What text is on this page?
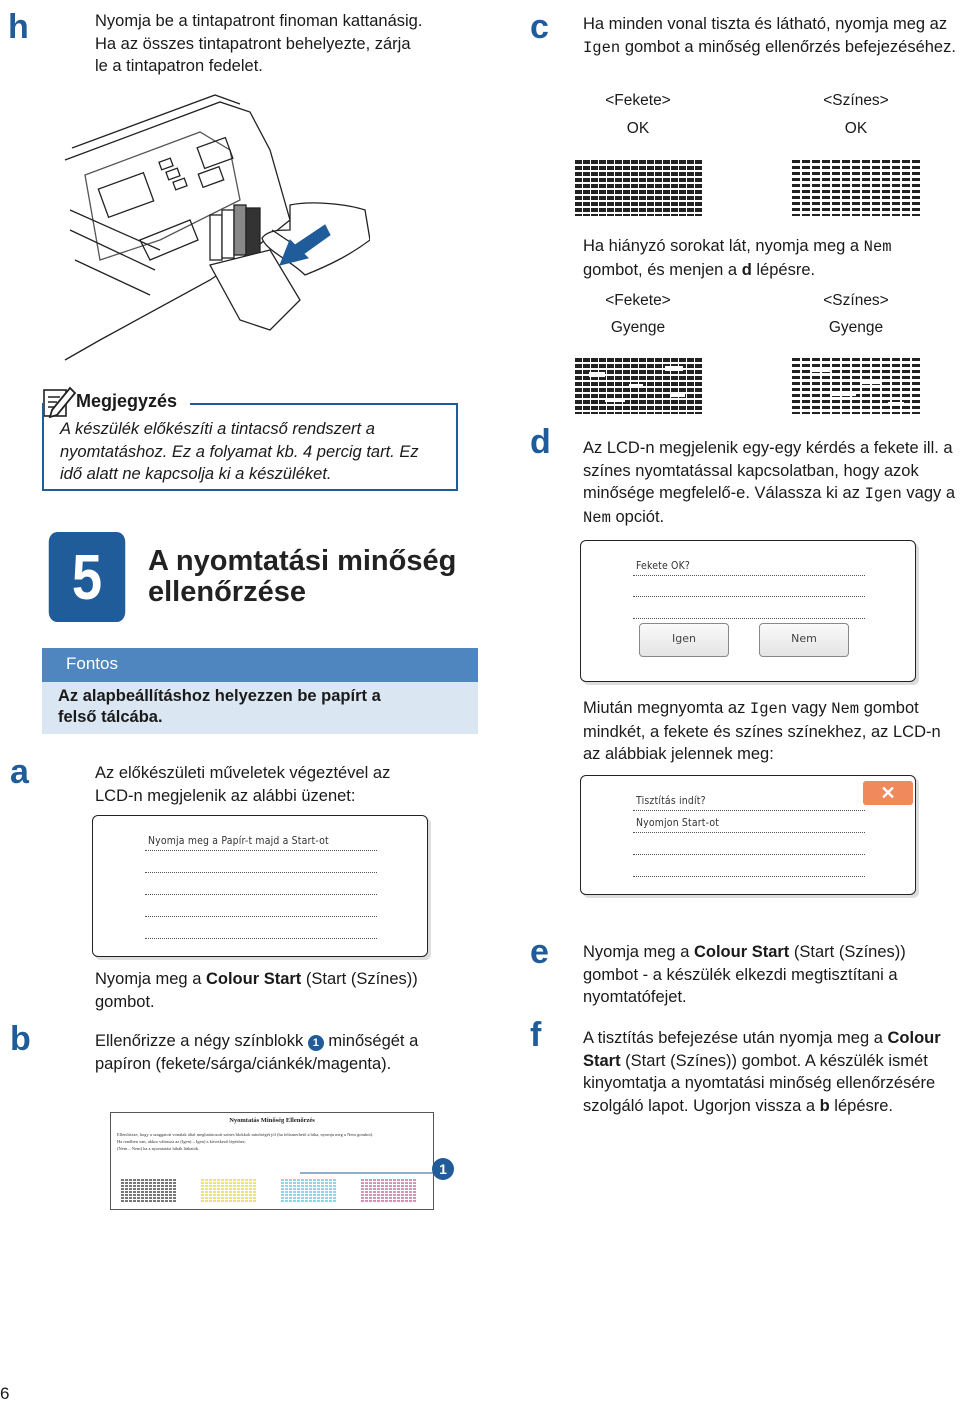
h	Nyomja be a tintapatront finoman kattanásig. Ha az összes tintapatront behelyezte, zárja le a tintapatron fedelet.
Megjegyzés
A készülék előkészíti a tintacső rendszert a nyomtatáshoz. Ez a folyamat kb. 4 percig tart. Ez idő alatt ne kapcsolja ki a készüléket.
5	A nyomtatási minőség
ellenőrzése
Fontos
Az alapbeállításhoz helyezzen be papírt a felső tálcába.
a	Az előkészületi műveletek végeztével az LCD-n megjelenik az alábbi üzenet:
Nyomja meg a Papír-t majd a Start-ot
Nyomja meg a Colour Start (Start (Színes)) gombot.
b	Ellenőrizze a négy színblokk 1 minőségét a papíron (fekete/sárga/ciánkék/magenta).
Nyomtatás Minőség Ellenőrzés
Ellenőrizze, hogy a szaggatott vonalak által meghatározott színes blokkok minőségét jól (ha felismerhető a hiba, nyomja meg a Nem gombot).
Ha rendben van, akkor válassza az (Igen) – Igen) a következő lépéshez.
(Nem – Nem) ha a nyomtatási hibák láthatók.
1
6
c Ha minden vonal tiszta és látható, nyomja meg az Igen gombot a minőség ellenőrzés befejezéséhez.
<Fekete>	<Színes>
OK	OK
Ha hiányzó sorokat lát, nyomja meg a Nem gombot, és menjen a d lépésre.
<Fekete>	<Színes>
Gyenge	Gyenge
d Az LCD-n megjelenik egy-egy kérdés a fekete ill. a színes nyomtatással kapcsolatban, hogy azok minősége megfelelő-e. Válassza ki az Igen vagy a Nem opciót.
Fekete OK?
Igen	Nem
Miután megnyomta az Igen vagy Nem gombot mindkét, a fekete és színes színekhez, az LCD-n az alábbiak jelennek meg:
Tisztítás indít?
Nyomjon Start-ot
✕
e Nyomja meg a Colour Start (Start (Színes)) gombot - a készülék elkezdi megtisztítani a nyomtatófejet.
f	A tisztítás befejezése után nyomja meg a Colour Start (Start (Színes)) gombot. A készülék ismét kinyomtatja a nyomtatási minőség ellenőrzésére szolgáló lapot. Ugorjon vissza a b lépésre.
